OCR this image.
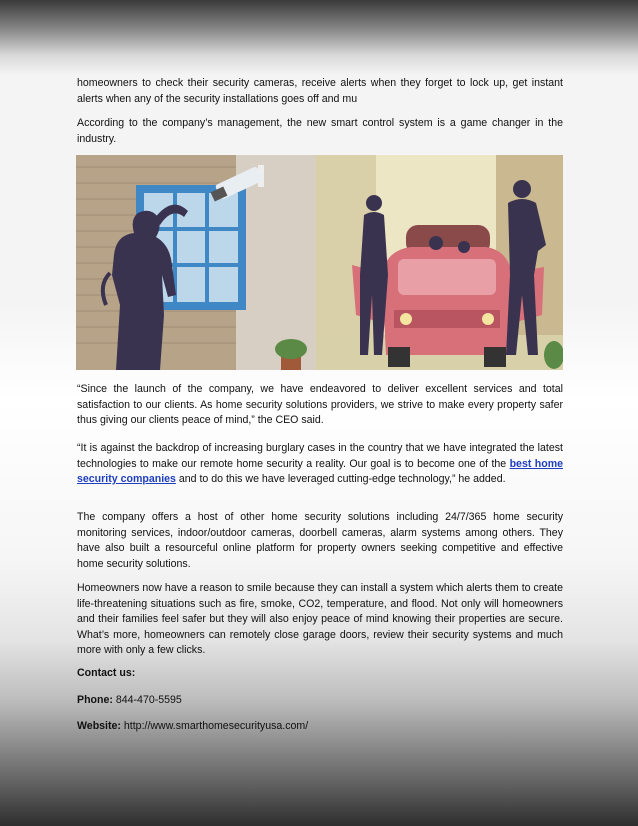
homeowners to check their security cameras, receive alerts when they forget to lock up, get instant alerts when any of the security installations goes off and mu

According to the company’s management, the new smart control system is a game changer in the industry.

“Since the launch of the company, we have endeavored to deliver excellent services and total satisfaction to our clients. As home security solutions providers, we strive to make every property safer thus giving our clients peace of mind,” the CEO said.

“It is against the backdrop of increasing burglary cases in the country that we have integrated the latest technologies to make our remote home security a reality. Our goal is to become one of the best home security companies and to do this we have leveraged cutting-edge technology,” he added.

The company offers a host of other home security solutions including 24/7/365 home security monitoring services, indoor/outdoor cameras, doorbell cameras, alarm systems among others. They have also built a resourceful online platform for property owners seeking competitive and effective home security solutions.

Homeowners now have a reason to smile because they can install a system which alerts them to create life-threatening situations such as fire, smoke, CO2, temperature, and flood. Not only will homeowners and their families feel safer but they will also enjoy peace of mind knowing their properties are secure. What’s more, homeowners can remotely close garage doors, review their security systems and much more with only a few clicks.

Contact us:

Phone: 844-470-5595

Website: http://www.smarthomesecurityusa.com/
